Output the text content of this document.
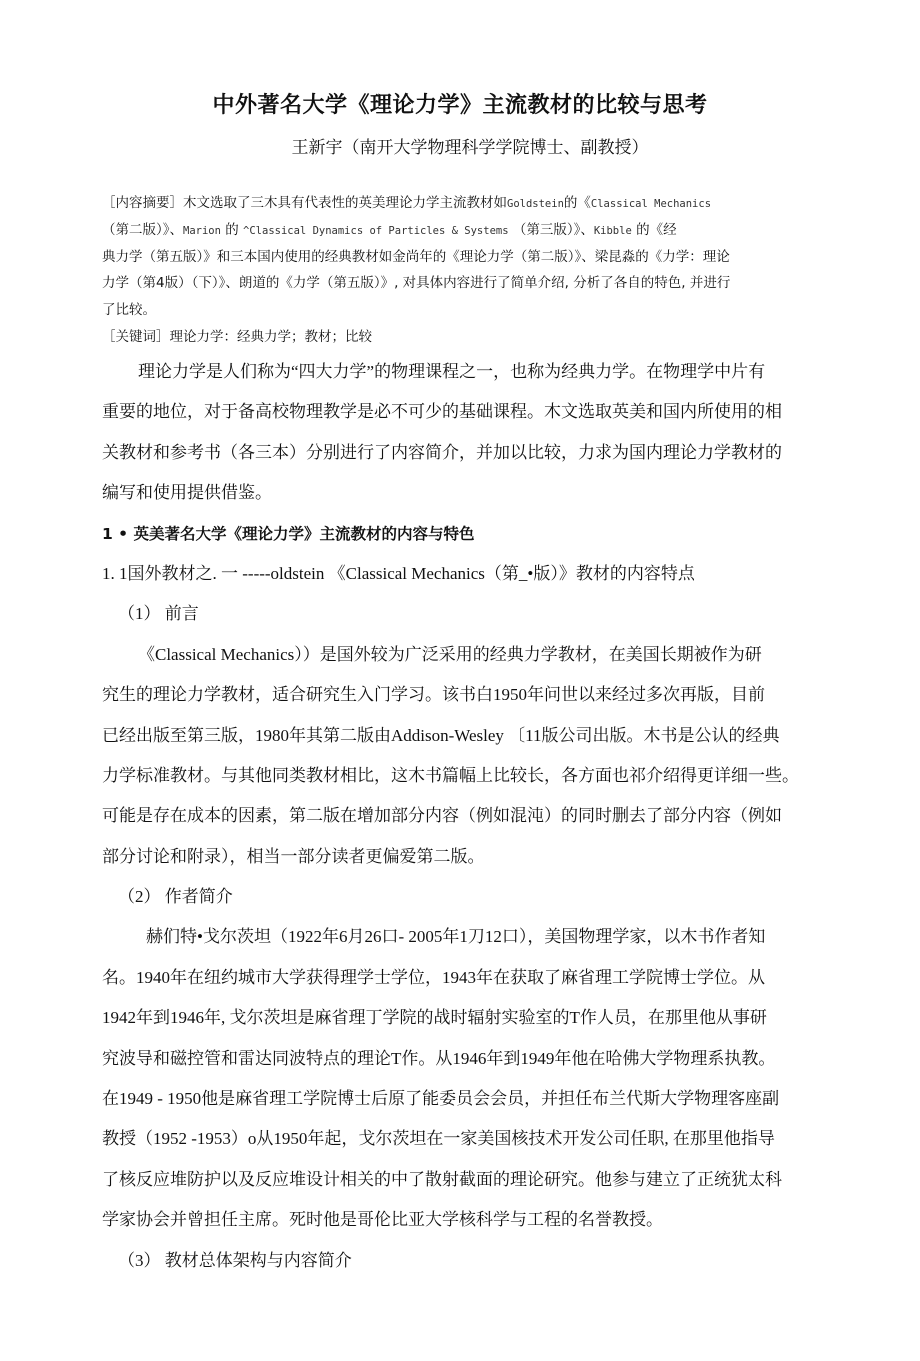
中外著名大学《理论力学》主流教材的比较与思考
王新宇（南开大学物理科学学院博士、副教授）
［内容摘要］木文选取了三木具有代表性的英美理论力学主流教材如Goldstein的《Classical Mechanics
（第二版）》、Marion 的 ^Classical Dynamics of Particles & Systems （第三版）》、Kibble 的《经
典力学（第五版）》和三本国内使用的经典教材如金尚年的《理论力学（第二版）》、梁昆淼的《力学：理论
力学（第4版）（下）》、朗道的《力学（第五版）》, 对具体内容进行了简单介绍, 分析了各自的特色, 并进行
了比较。
［关键词］理论力学：经典力学；教材；比较
理论力学是人们称为“四大力学”的物理课程之一，也称为经典力学。在物理学中片有
重要的地位，对于备高校物理教学是必不可少的基础课程。木文选取英美和国内所使用的相
关教材和参考书（各三本）分别进行了内容简介，并加以比较，力求为国内理论力学教材的
编写和使用提供借鉴。
1 • 英美著名大学《理论力学》主流教材的内容与特色
1. 1国外教材之. 一 -----oldstein 《Classical Mechanics（第_•版）》教材的内容特点
（1） 前言
《Classical Mechanics））是国外较为广泛采用的经典力学教材，在美国长期被作为研
究生的理论力学教材，适合研究生入门学习。该书白1950年问世以来经过多次再版，目前
已经出版至第三版，1980年其第二版由Addison-Wesley 〔11版公司出版。木书是公认的经典
力学标准教材。与其他同类教材相比，这木书篇幅上比较长，各方面也祁介绍得更详细一些。
可能是存在成本的因素，第二版在增加部分内容（例如混沌）的同时删去了部分内容（例如
部分讨论和附录），相当一部分读者更偏爱第二版。
（2） 作者简介
赫们特•戈尔茨坦（1922年6月26口- 2005年1刀12口），美国物理学家，以木书作者知
名。1940年在纽约城市大学获得理学士学位，1943年在获取了麻省理工学院博士学位。从
1942年到1946年, 戈尔茨坦是麻省理丁学院的战时辐射实验室的T作人员，在那里他从事研
究波导和磁控管和雷达同波特点的理论T作。从1946年到1949年他在哈佛大学物理系执教。
在1949 - 1950他是麻省理工学院博士后原了能委员会会员，并担任布兰代斯大学物理客座副
教授（1952 -1953）o从1950年起，戈尔茨坦在一家美国核技术开发公司任职, 在那里他指导
了核反应堆防护以及反应堆设计相关的中了散射截面的理论研究。他参与建立了正统犹太科
学家协会并曾担任主席。死时他是哥伦比亚大学核科学与工程的名誉教授。
（3） 教材总体架构与内容简介
